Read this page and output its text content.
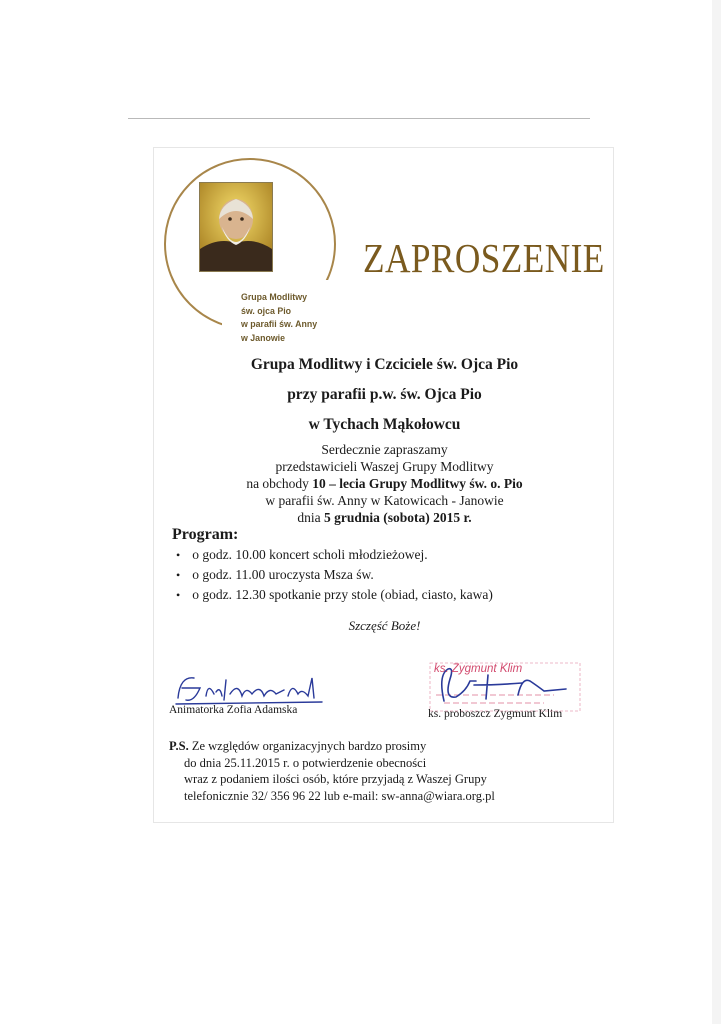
Grupa Modlitwy
św. ojca Pio
w parafii św. Anny
w Janowie
ZAPROSZENIE
Grupa Modlitwy i Czciciele św. Ojca Pio
przy parafii p.w. św. Ojca Pio
w Tychach Mąkołowcu
Serdecznie zapraszamy
przedstawicieli Waszej Grupy Modlitwy
na obchody 10 – lecia Grupy Modlitwy św. o. Pio
w parafii św. Anny w Katowicach - Janowie
dnia 5 grudnia (sobota) 2015 r.
Program:
• o godz. 10.00 koncert scholi młodzieżowej.
• o godz. 11.00 uroczysta Msza św.
• o godz. 12.30 spotkanie przy stole (obiad, ciasto, kawa)
Szczęść Boże!
Animatorka Zofia Adamska
ks. Zygmunt Klim
ks. proboszcz Zygmunt Klim
P.S. Ze względów organizacyjnych bardzo prosimy
do dnia 25.11.2015 r. o potwierdzenie obecności
wraz z podaniem ilości osób, które przyjadą z Waszej Grupy
telefonicznie 32/ 356 96 22 lub e-mail: sw-anna@wiara.org.pl
